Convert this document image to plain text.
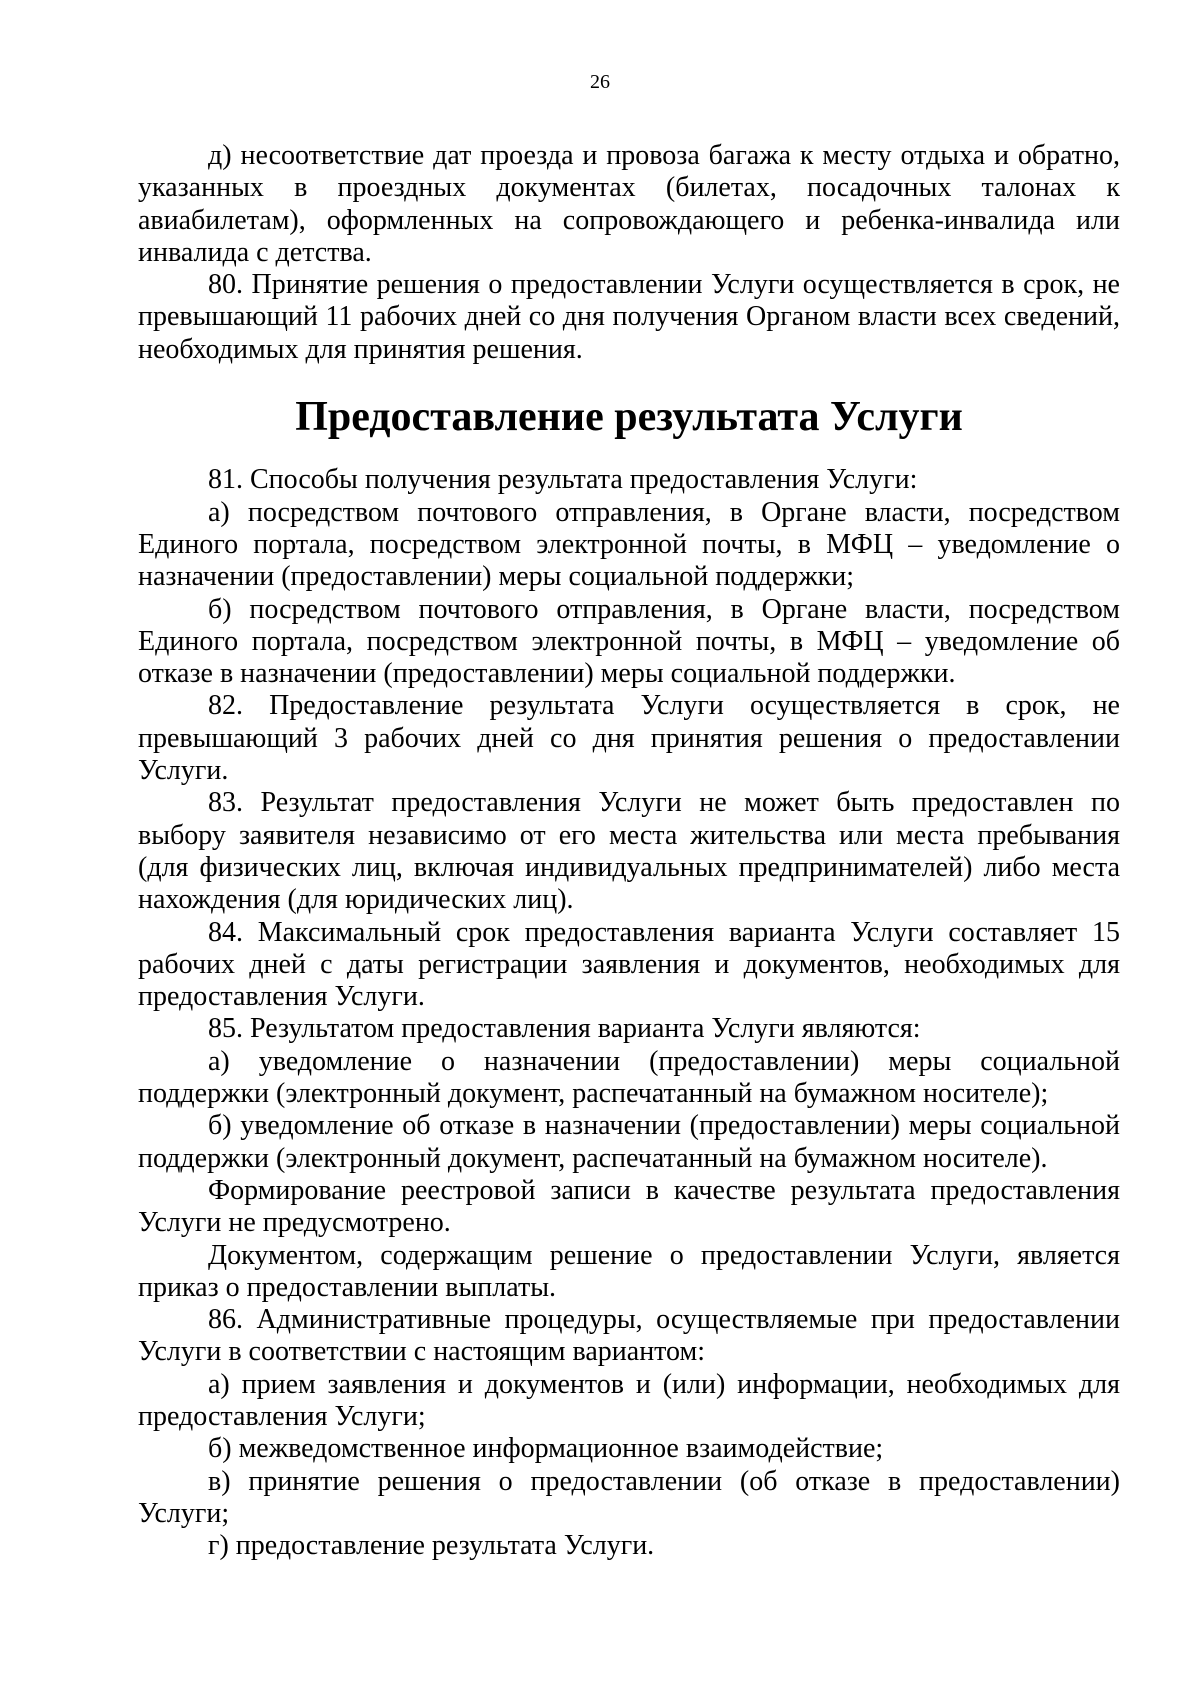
26

д) несоответствие дат проезда и провоза багажа к месту отдыха и обратно, указанных в проездных документах (билетах, посадочных талонах к авиабилетам), оформленных на сопровождающего и ребенка-инвалида или инвалида с детства.

80. Принятие решения о предоставлении Услуги осуществляется в срок, не превышающий 11 рабочих дней со дня получения Органом власти всех сведений, необходимых для принятия решения.

Предоставление результата Услуги

81. Способы получения результата предоставления Услуги:

а) посредством почтового отправления, в Органе власти, посредством Единого портала, посредством электронной почты, в МФЦ – уведомление о назначении (предоставлении) меры социальной поддержки;

б) посредством почтового отправления, в Органе власти, посредством Единого портала, посредством электронной почты, в МФЦ – уведомление об отказе в назначении (предоставлении) меры социальной поддержки.

82. Предоставление результата Услуги осуществляется в срок, не превышающий 3 рабочих дней со дня принятия решения о предоставлении Услуги.

83. Результат предоставления Услуги не может быть предоставлен по выбору заявителя независимо от его места жительства или места пребывания (для физических лиц, включая индивидуальных предпринимателей) либо места нахождения (для юридических лиц).

84. Максимальный срок предоставления варианта Услуги составляет 15 рабочих дней с даты регистрации заявления и документов, необходимых для предоставления Услуги.

85. Результатом предоставления варианта Услуги являются:

а) уведомление о назначении (предоставлении) меры социальной поддержки (электронный документ, распечатанный на бумажном носителе);

б) уведомление об отказе в назначении (предоставлении) меры социальной поддержки (электронный документ, распечатанный на бумажном носителе).

Формирование реестровой записи в качестве результата предоставления Услуги не предусмотрено.

Документом, содержащим решение о предоставлении Услуги, является приказ о предоставлении выплаты.

86. Административные процедуры, осуществляемые при предоставлении Услуги в соответствии с настоящим вариантом:

а) прием заявления и документов и (или) информации, необходимых для предоставления Услуги;

б) межведомственное информационное взаимодействие;

в) принятие решения о предоставлении (об отказе в предоставлении) Услуги;

г) предоставление результата Услуги.
